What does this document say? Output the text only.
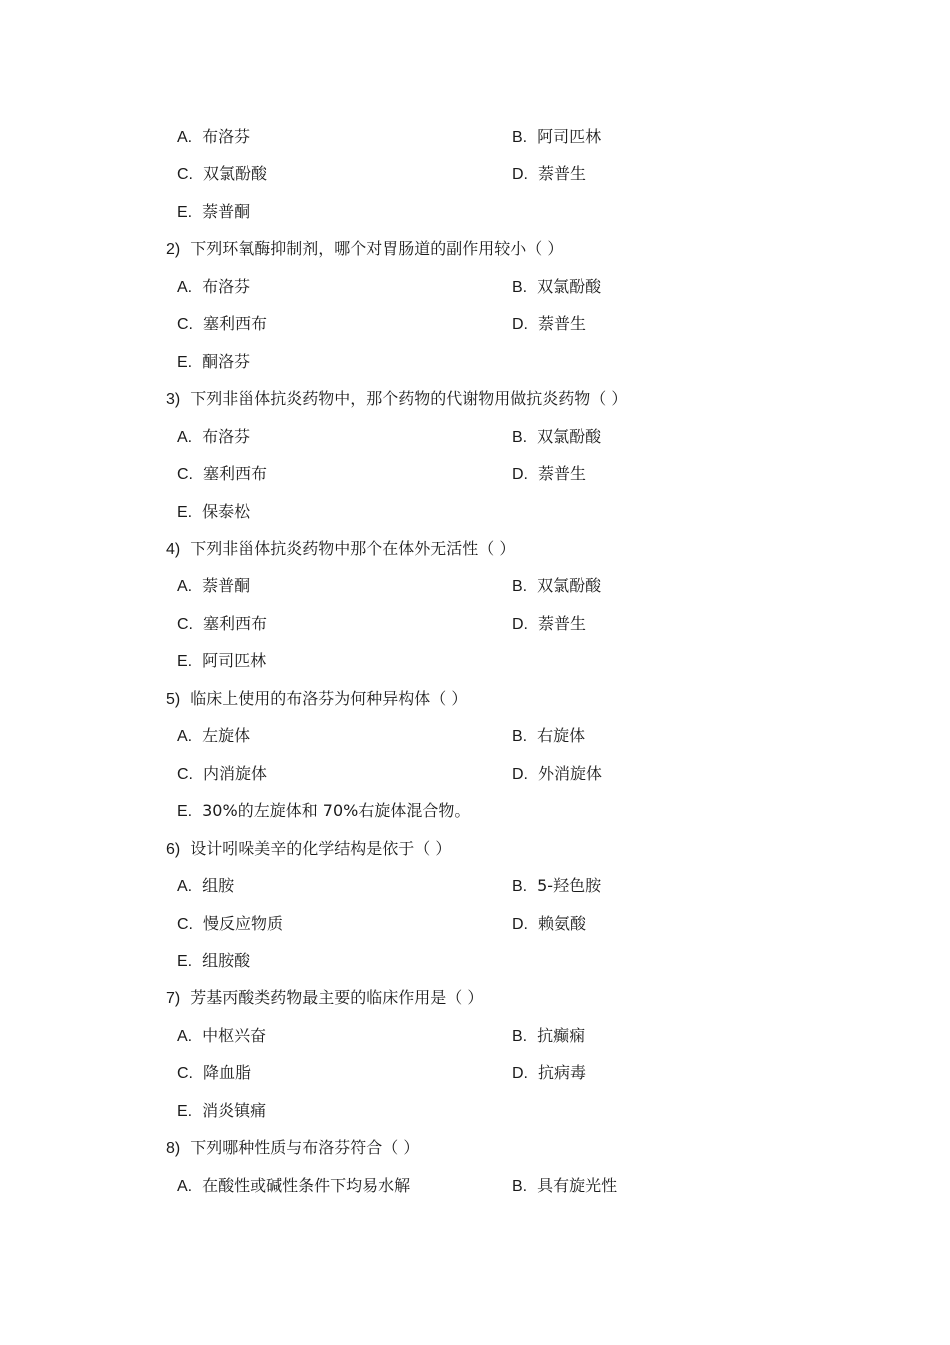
A. 布洛芬	B. 阿司匹林
C. 双氯酚酸	D. 萘普生
E. 萘普酮
2) 下列环氧酶抑制剂，哪个对胃肠道的副作用较小（ ）
A. 布洛芬	B. 双氯酚酸
C. 塞利西布	D. 萘普生
E. 酮洛芬
3) 下列非甾体抗炎药物中，那个药物的代谢物用做抗炎药物（ ）
A. 布洛芬	B. 双氯酚酸
C. 塞利西布	D. 萘普生
E. 保泰松
4) 下列非甾体抗炎药物中那个在体外无活性（ ）
A. 萘普酮	B. 双氯酚酸
C. 塞利西布	D. 萘普生
E. 阿司匹林
5) 临床上使用的布洛芬为何种异构体（ ）
A. 左旋体	B. 右旋体
C. 内消旋体	D. 外消旋体
E. 30%的左旋体和 70%右旋体混合物。
6) 设计吲哚美辛的化学结构是依于（ ）
A. 组胺	B. 5-羟色胺
C. 慢反应物质	D. 赖氨酸
E. 组胺酸
7) 芳基丙酸类药物最主要的临床作用是（ ）
A. 中枢兴奋	B. 抗癫痫
C. 降血脂	D. 抗病毒
E. 消炎镇痛
8) 下列哪种性质与布洛芬符合（ ）
A. 在酸性或碱性条件下均易水解	B. 具有旋光性
